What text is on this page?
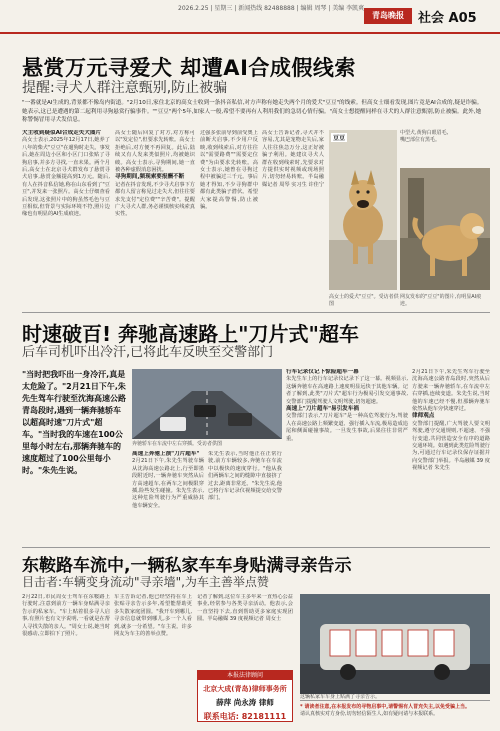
2026.2.25 | 星期三 | 新闻热线 82488888 | 编辑 周琴 | 美编 李凯爽
青岛晚报	社会 A05
悬赏万元寻爱犬 却遭AI合成假线索
提醒:寻犬人群注意甄别,防止被骗
"一番就是AI生成的,背景都不像岛内街道。"2月10日,家住北京的高女士收到一条抖音私信,对方声称有她走失两个月的爱犬"豆豆"的线索。但高女士细看发现,图片竟是AI合成的,疑是诈骗。她表示,这已是遭遇的第二起利用寻狗悬赏行骗事件。""豆豆"两个5年,如家人一般,希望不要再有人利用我们的急切心情行骗。"高女士想提醒同样在寻犬的人群注意甄别,防止被骗。此外,她称警惕冒用寻犬发信息。
犬主收到疑似AI合成走失犬图片
高女士表示,2025年12月17日,她养了八年的柴犬"豆豆"在遛狗时走失。事发后,她在周边小区和小区门口张贴了寻狗启事,并多方寻找,一直未果。两个月后,高女士在北京寻犬群发布了悬赏寻犬启事,悬赏金额提高到1万元。随后,有人在抖音私信她,称在山东看到了"豆豆",并发来一张照片。高女士仔细查看后发现,这张照片中的狗虽然毛色与豆豆相似,但背景与实际环境不符,照片边缘也有明显的AI生成痕迹。
高女士随后回复了对方,对方称可以"发定位",但要求先转账。高女士拒绝后,对方便不再回复。此后,陆续又有人发来类似照片,均被她识破。高女士表示,寻狗期间,她一直被各种虚假消息困扰。
寻狗期间,频现索要报酬不断
记者在抖音发现,不少寻犬启事下方都有人留言称见过走失犬,但往往要求先支付"定位费""辛苦费"。提醒广大寻犬人群,务必谨慎核实线索真实性。
过强多张前导到前受奥上前断犬启事,不少用户反映,收到线索后,对方往往以"需要路费""需要定位费"为由要求先转账。高女士表示,她曾在寻狗过程中被骗过三千元。事后她才得知,不少寻狗群中都有此类骗子潜伏。希望大家提高警惕,防止被骗。
高女士告诉记者,寻犬并不容易,尤其是宠物走失后,家人往往焦急万分,这正好被骗子利用。她建议寻犬人群在收到线索时,先要求对方提供实时视频或现场照片,切勿轻易转账。半岛融媒记者 周琴 实习生 许佳宁
豆豆
中型犬,黄狗白眼眉毛,嘴巴部位有黑毛。
高女士的爱犬"豆豆"。受访者供图
网友发布的"豆豆"的图片,有明显AI痕迹。
时速破百! 奔驰高速路上"刀片式"超车
后车司机吓出冷汗,已将此车反映至交警部门
"当时把我吓出一身冷汗,真是太危险了。"2月21日下午,朱先生驾车行驶至沈海高速公路青岛段时,遇到一辆奔驰轿车以超高时速"刀片式"超车。"当时我的车速在100公里每小时左右,那辆奔驰车的速度超过了100公里每小时。"朱先生说。
奔驰轿车在车流中左右穿插。受访者供图
高速上奔驰上演"刀片超车"
2月21日下午,朱先生驾驶车辆从沈海高速公路北上,行至即墨段附近时,一辆奔驰车突然从后方高速超车,在两车之间极限穿插,险些发生碰撞。朱先生表示,这种危险驾驶行为严重威胁其他车辆安全。
朱先生表示,当时他正在正常行驶,前方车辆较多,奔驰车在车流中以极快的速度穿行。"他从我们两辆车之间的缝隙中直接挤了过去,距离非常近。"朱先生说,他已将行车记录仪视频提交给交警部门。
行车记录仪记下惊险超车一幕
朱先生车上的行车记录仪记录下了这一幕。视频显示,这辆奔驰车在高速路上速度明显远快于其他车辆。记者了解到,此类"刀片式"超车行为极易引发交通事故,交警部门提醒驾驶人文明驾驶,切勿超速。
高速上"刀片超车"易引发车祸
交警部门表示,"刀片超车"是一种高危驾驶行为,驾驶人在高速公路上频繁变道、强行插入车流,极易造成追尾和侧面碰撞事故。一旦发生事故,后果往往非常严重。
2月21日下午,朱先生驾车行驶至沈海高速公路青岛段时,突然从后方驶来一辆奔驰轿车,在车流中左右穿插,连续变道。朱先生说,当时他的车速已经不慢,但那辆奔驰车依然从他车旁快速穿过。
律师观点
交警部门提醒,广大驾驶人要文明驾驶,遵守交通规则,不超速、不强行变道,共同营造安全有序的道路交通环境。如遇到此类危险驾驶行为,可通过行车记录仪保存证据并向交警部门举报。半岛融媒 39 度视频记者 朱先生
东鞍路车流中,一辆私家车车身贴满寻亲告示
目击者:车辆变身流动"寻亲墙",为车主善举点赞
2月22日,市民周女士驾车在东鞍路上行驶时,注意到前方一辆车身贴满寻亲告示的私家车。"车上贴着很多寻人启事,有照片也有文字说明,一看就是在帮人寻找失散的亲人。"周女士说,她当时很感动,立即拍下了照片。
车主告诉记者,他已经坚持在车上张贴寻亲告示多年,希望能帮助更多失散家庭团圆。"我开车到哪儿,寻亲信息就带到哪儿,多一个人看到,就多一分希望。"车主说。许多网友为车主的善举点赞。
记者了解到,这位车主多年来一直热心公益事业,经常参与各类寻亲活动。他表示,会一直坚持下去,直到帮助更多家庭实现团圆。半岛融媒 39 度视频记者 周女士
本报法律顾问
北京大成(青岛)律师事务所
薛萍 尚永涛 律师
联系电话: 82181111
这辆私家车车身上贴满了寻亲告示。
* 请读者注意,在本报发布的寻物启事中,请警惕有人冒充失主,以免受骗上当。
请认真核实对方身份,切勿轻信陌生人,如有疑问请与本报联系。
